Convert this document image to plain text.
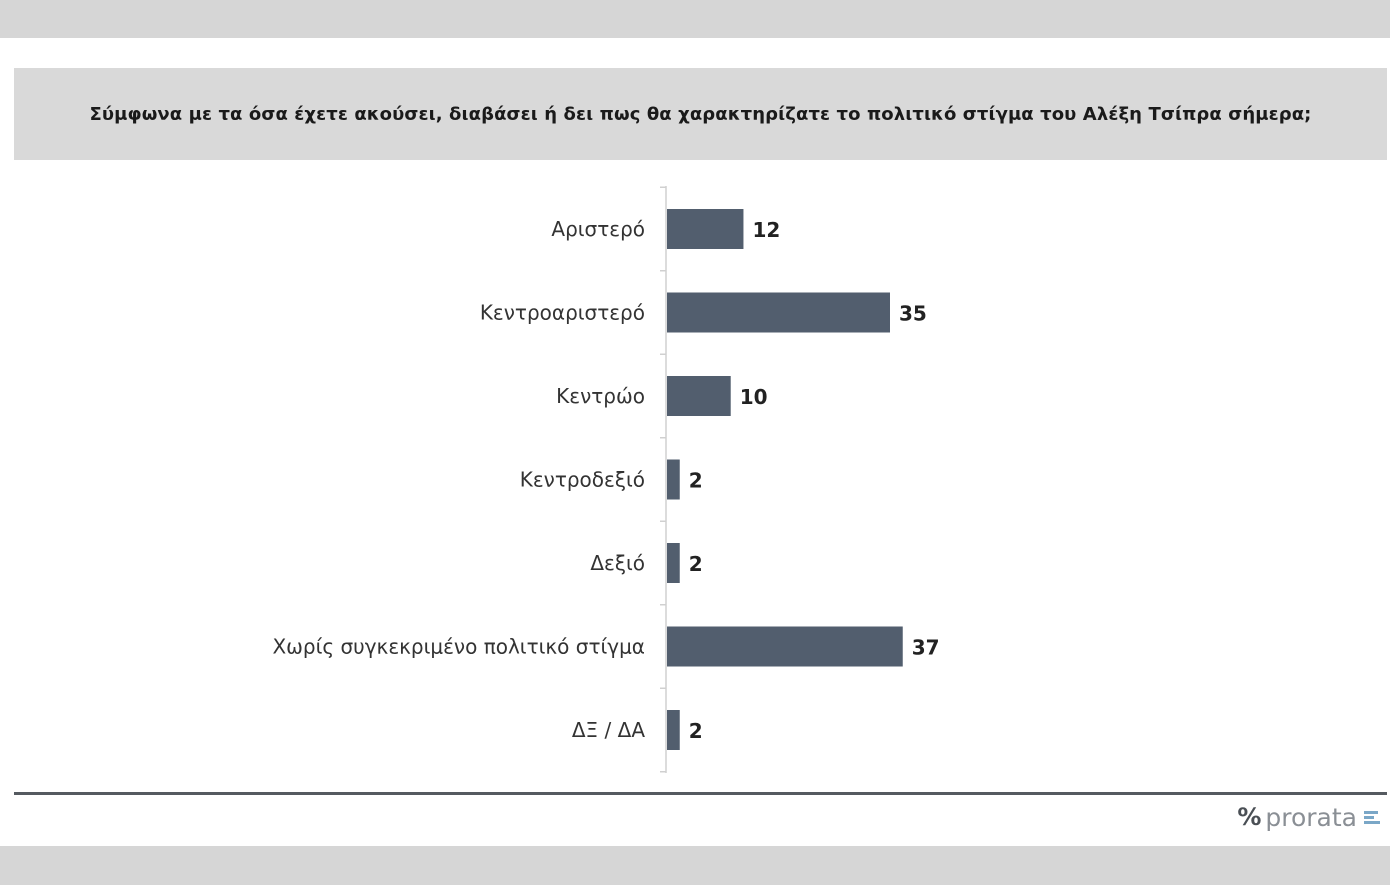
Σύμφωνα με τα όσα έχετε ακούσει, διαβάσει ή δει πως θα χαρακτηρίζατε το πολιτικό στίγμα του Αλέξη Τσίπρα σήμερα;
Αριστερό	12
Κεντροαριστερό	35
Κεντρώο	10
Κεντροδεξιό 2
Δεξιό 2
Χωρίς συγκεκριμένο πολιτικό στίγμα	37
ΔΞ / ΔΑ 2
% prorata
